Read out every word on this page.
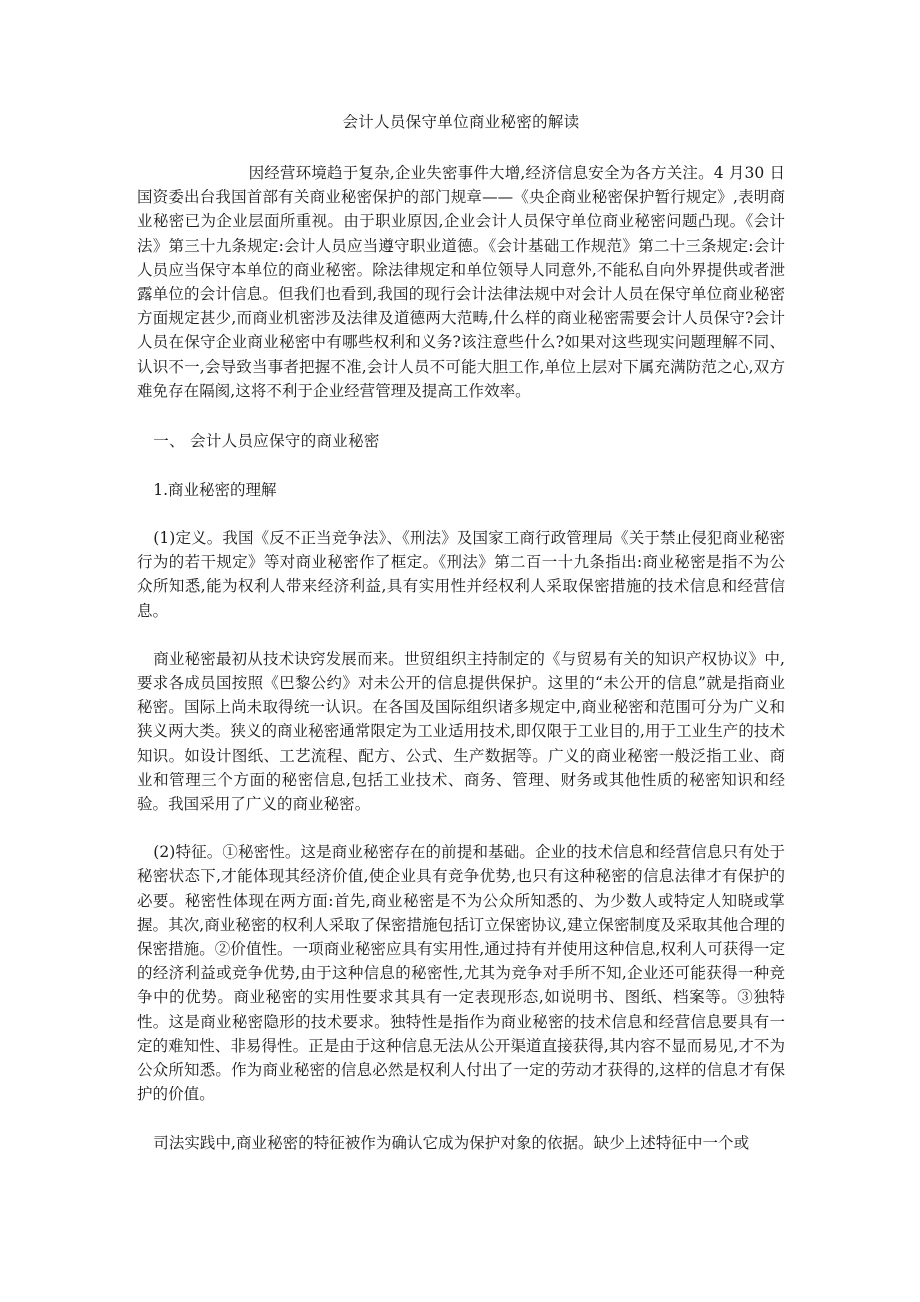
会计人员保守单位商业秘密的解读

因经营环境趋于复杂,企业失密事件大增,经济信息安全为各方关注。4 月30 日国资委出台我国首部有关商业秘密保护的部门规章——《央企商业秘密保护暂行规定》,表明商业秘密已为企业层面所重视。由于职业原因,企业会计人员保守单位商业秘密问题凸现。《会计法》第三十九条规定:会计人员应当遵守职业道德。《会计基础工作规范》第二十三条规定:会计人员应当保守本单位的商业秘密。除法律规定和单位领导人同意外,不能私自向外界提供或者泄露单位的会计信息。但我们也看到,我国的现行会计法律法规中对会计人员在保守单位商业秘密方面规定甚少,而商业机密涉及法律及道德两大范畴,什么样的商业秘密需要会计人员保守?会计人员在保守企业商业秘密中有哪些权利和义务?该注意些什么?如果对这些现实问题理解不同、认识不一,会导致当事者把握不准,会计人员不可能大胆工作,单位上层对下属充满防范之心,双方难免存在隔阂,这将不利于企业经营管理及提高工作效率。

一、 会计人员应保守的商业秘密
1.商业秘密的理解

(1)定义。我国《反不正当竞争法》、《刑法》及国家工商行政管理局《关于禁止侵犯商业秘密行为的若干规定》等对商业秘密作了框定。《刑法》第二百一十九条指出:商业秘密是指不为公众所知悉,能为权利人带来经济利益,具有实用性并经权利人采取保密措施的技术信息和经营信息。

商业秘密最初从技术诀窍发展而来。世贸组织主持制定的《与贸易有关的知识产权协议》中,要求各成员国按照《巴黎公约》对未公开的信息提供保护。这里的“未公开的信息”就是指商业秘密。国际上尚未取得统一认识。在各国及国际组织诸多规定中,商业秘密和范围可分为广义和狭义两大类。狭义的商业秘密通常限定为工业适用技术,即仅限于工业目的,用于工业生产的技术知识。如设计图纸、工艺流程、配方、公式、生产数据等。广义的商业秘密一般泛指工业、商业和管理三个方面的秘密信息,包括工业技术、商务、管理、财务或其他性质的秘密知识和经验。我国采用了广义的商业秘密。

(2)特征。①秘密性。这是商业秘密存在的前提和基础。企业的技术信息和经营信息只有处于秘密状态下,才能体现其经济价值,使企业具有竞争优势,也只有这种秘密的信息法律才有保护的必要。秘密性体现在两方面:首先,商业秘密是不为公众所知悉的、为少数人或特定人知晓或掌握。其次,商业秘密的权利人采取了保密措施包括订立保密协议,建立保密制度及采取其他合理的保密措施。②价值性。一项商业秘密应具有实用性,通过持有并使用这种信息,权利人可获得一定的经济利益或竞争优势,由于这种信息的秘密性,尤其为竞争对手所不知,企业还可能获得一种竞争中的优势。商业秘密的实用性要求其具有一定表现形态,如说明书、图纸、档案等。③独特性。这是商业秘密隐形的技术要求。独特性是指作为商业秘密的技术信息和经营信息要具有一定的难知性、非易得性。正是由于这种信息无法从公开渠道直接获得,其内容不显而易见,才不为公众所知悉。作为商业秘密的信息必然是权利人付出了一定的劳动才获得的,这样的信息才有保护的价值。

司法实践中,商业秘密的特征被作为确认它成为保护对象的依据。缺少上述特征中一个或
